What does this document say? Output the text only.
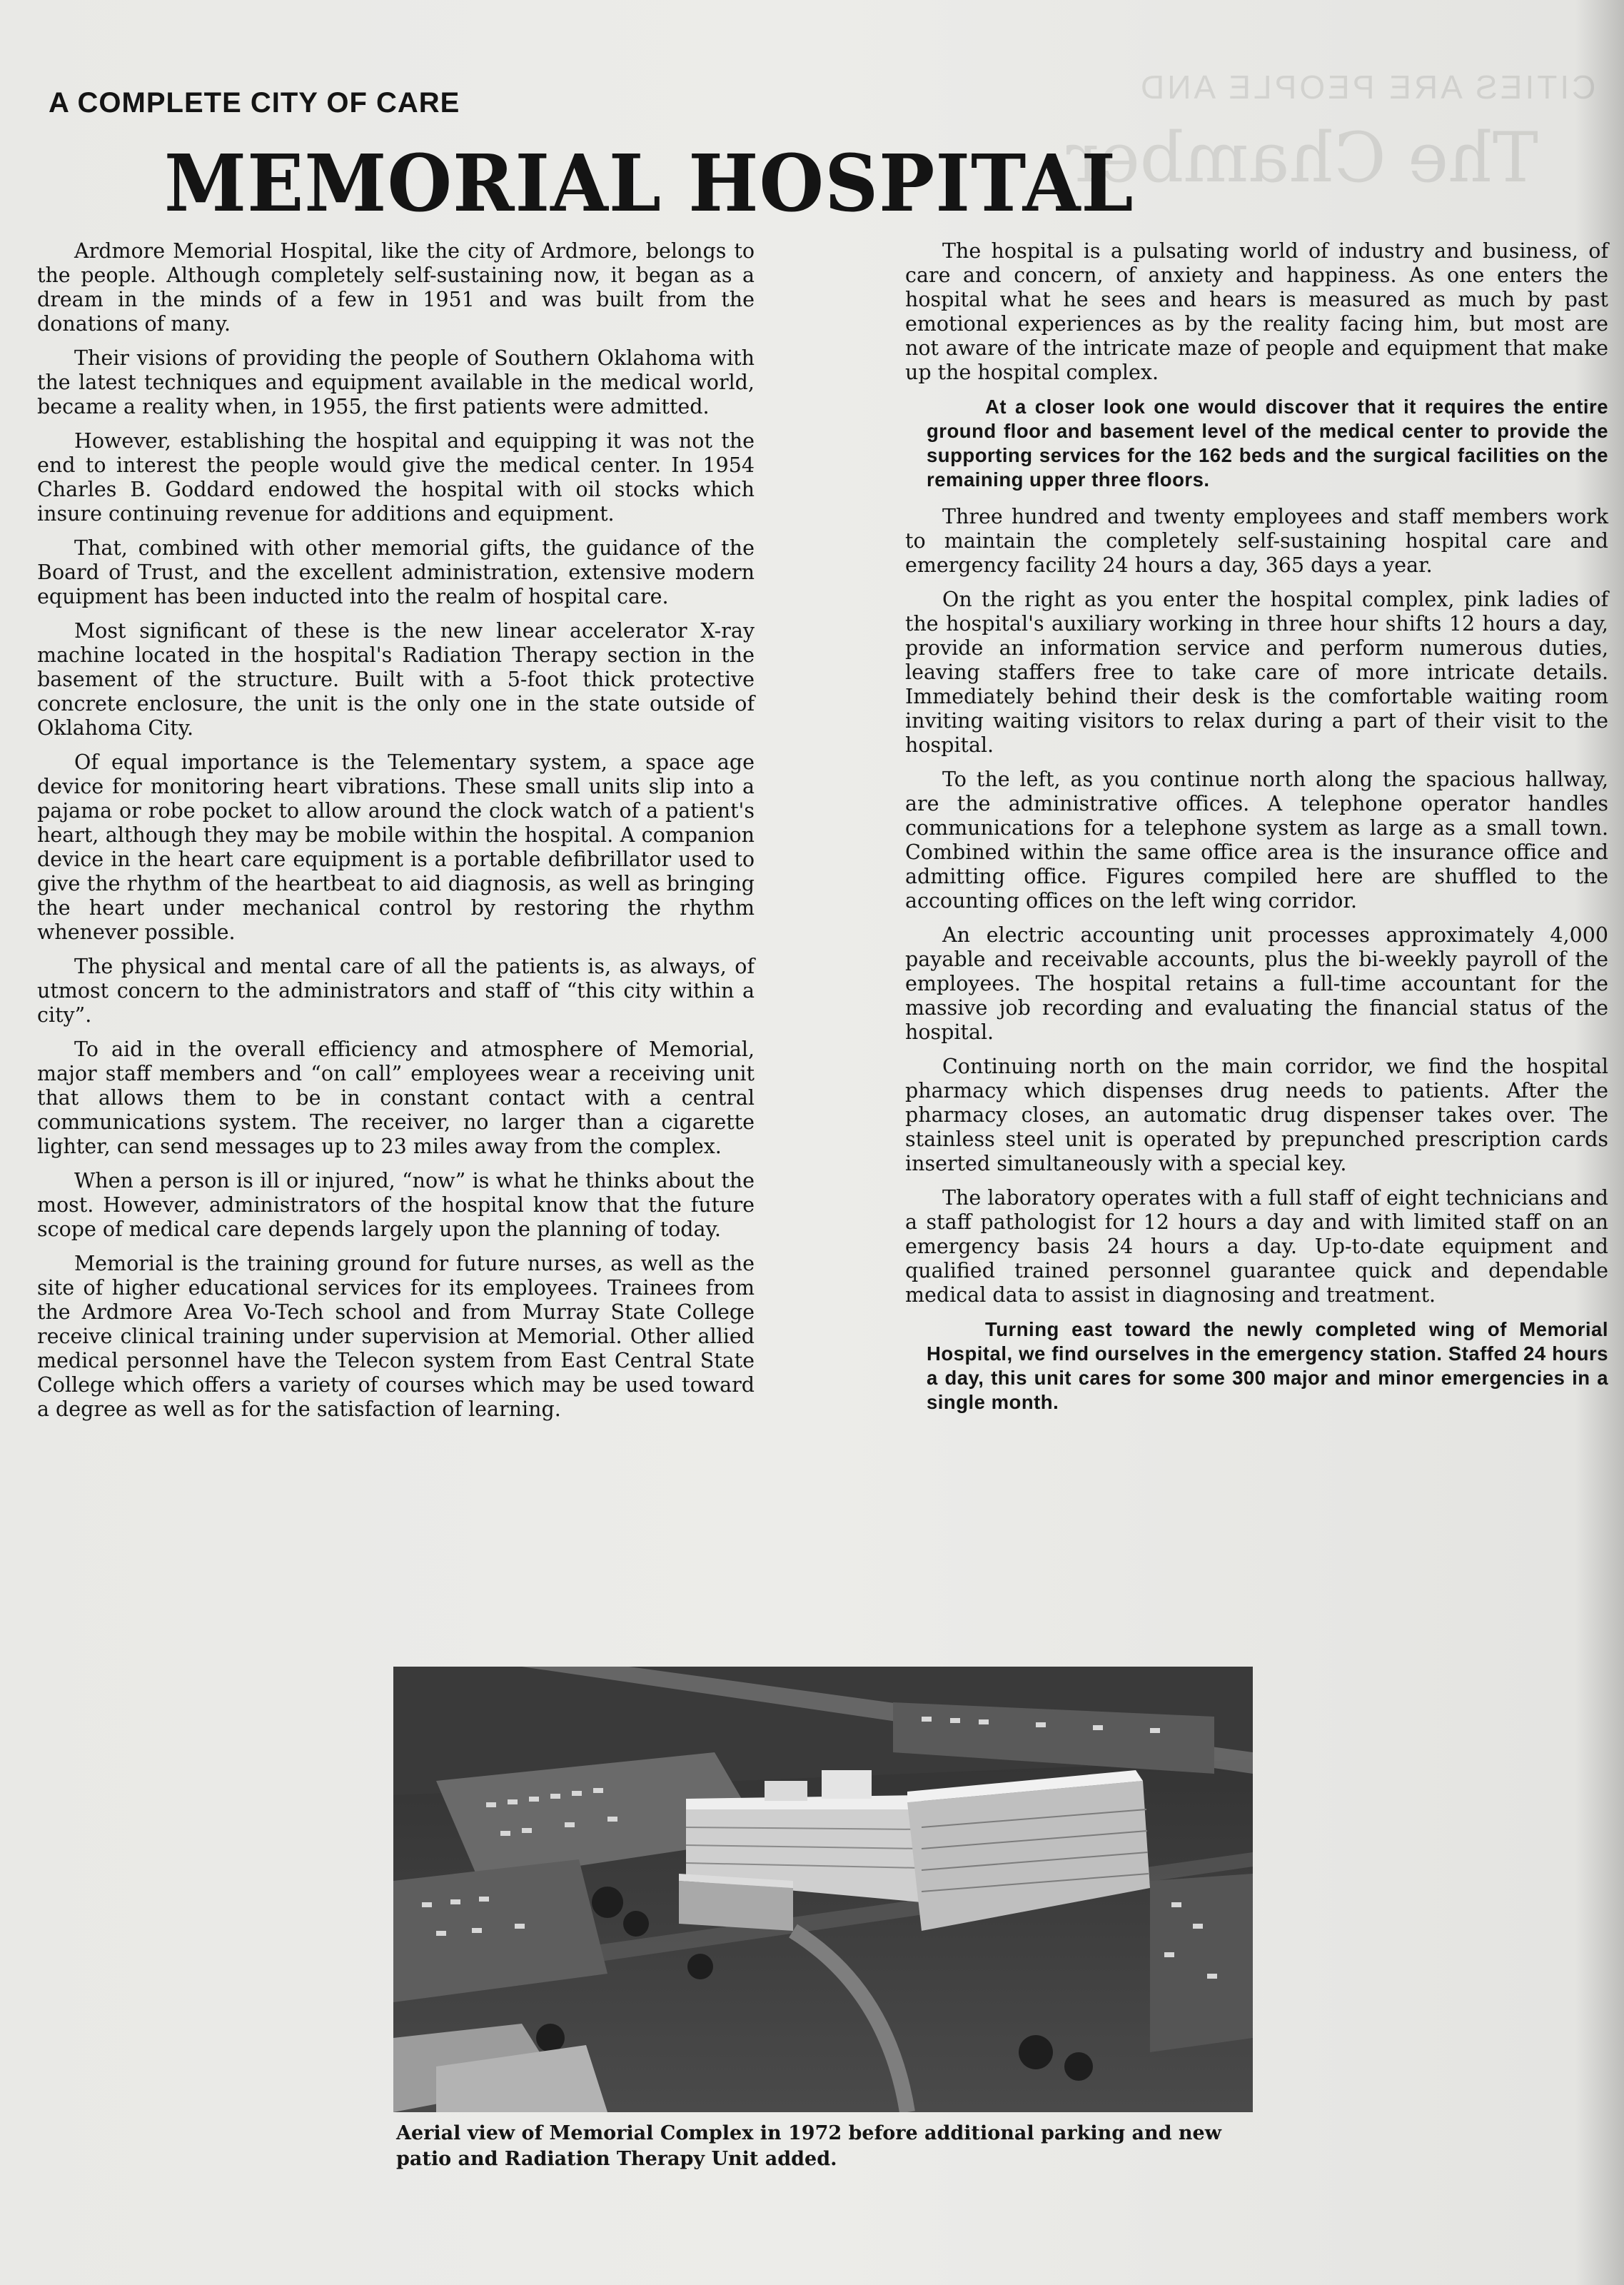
CITIES ARE PEOPLE AND
The Chamber
A COMPLETE CITY OF CARE
MEMORIAL HOSPITAL

Ardmore Memorial Hospital, like the city of Ardmore, belongs to the people. Although completely self-sustaining now, it began as a dream in the minds of a few in 1951 and was built from the donations of many.

Their visions of providing the people of Southern Oklahoma with the latest techniques and equipment available in the medical world, became a reality when, in 1955, the first patients were admitted.

However, establishing the hospital and equipping it was not the end to interest the people would give the medical center. In 1954 Charles B. Goddard endowed the hospital with oil stocks which insure continuing revenue for additions and equipment.

That, combined with other memorial gifts, the guidance of the Board of Trust, and the excellent administration, extensive modern equipment has been inducted into the realm of hospital care.

Most significant of these is the new linear accelerator X-ray machine located in the hospital's Radiation Therapy section in the basement of the structure. Built with a 5-foot thick protective concrete enclosure, the unit is the only one in the state outside of Oklahoma City.

Of equal importance is the Telementary system, a space age device for monitoring heart vibrations. These small units slip into a pajama or robe pocket to allow around the clock watch of a patient's heart, although they may be mobile within the hospital. A companion device in the heart care equipment is a portable defibrillator used to give the rhythm of the heartbeat to aid diagnosis, as well as bringing the heart under mechanical control by restoring the rhythm whenever possible.

The physical and mental care of all the patients is, as always, of utmost concern to the administrators and staff of “this city within a city”.

To aid in the overall efficiency and atmosphere of Memorial, major staff members and “on call” employees wear a receiving unit that allows them to be in constant contact with a central communications system. The receiver, no larger than a cigarette lighter, can send messages up to 23 miles away from the complex.

When a person is ill or injured, “now” is what he thinks about the most. However, administrators of the hospital know that the future scope of medical care depends largely upon the planning of today.

Memorial is the training ground for future nurses, as well as the site of higher educational services for its employees. Trainees from the Ardmore Area Vo-Tech school and from Murray State College receive clinical training under supervision at Memorial. Other allied medical personnel have the Telecon system from East Central State College which offers a variety of courses which may be used toward a degree as well as for the satisfaction of learning.

The hospital is a pulsating world of industry and business, of care and concern, of anxiety and happiness. As one enters the hospital what he sees and hears is measured as much by past emotional experiences as by the reality facing him, but most are not aware of the intricate maze of people and equipment that make up the hospital complex.

At a closer look one would discover that it requires the entire ground floor and basement level of the medical center to provide the supporting services for the 162 beds and the surgical facilities on the remaining upper three floors.

Three hundred and twenty employees and staff members work to maintain the completely self-sustaining hospital care and emergency facility 24 hours a day, 365 days a year.

On the right as you enter the hospital complex, pink ladies of the hospital's auxiliary working in three hour shifts 12 hours a day, provide an information service and perform numerous duties, leaving staffers free to take care of more intricate details. Immediately behind their desk is the comfortable waiting room inviting waiting visitors to relax during a part of their visit to the hospital.

To the left, as you continue north along the spacious hallway, are the administrative offices. A telephone operator handles communications for a telephone system as large as a small town. Combined within the same office area is the insurance office and admitting office. Figures compiled here are shuffled to the accounting offices on the left wing corridor.

An electric accounting unit processes approximately 4,000 payable and receivable accounts, plus the bi-weekly payroll of the employees. The hospital retains a full-time accountant for the massive job recording and evaluating the financial status of the hospital.

Continuing north on the main corridor, we find the hospital pharmacy which dispenses drug needs to patients. After the pharmacy closes, an automatic drug dispenser takes over. The stainless steel unit is operated by prepunched prescription cards inserted simultaneously with a special key.

The laboratory operates with a full staff of eight technicians and a staff pathologist for 12 hours a day and with limited staff on an emergency basis 24 hours a day. Up-to-date equipment and qualified trained personnel guarantee quick and dependable medical data to assist in diagnosing and treatment.

Turning east toward the newly completed wing of Memorial Hospital, we find ourselves in the emergency station. Staffed 24 hours a day, this unit cares for some 300 major and minor emergencies in a single month.

Aerial view of Memorial Complex in 1972 before additional parking and new patio and Radiation Therapy Unit added.
